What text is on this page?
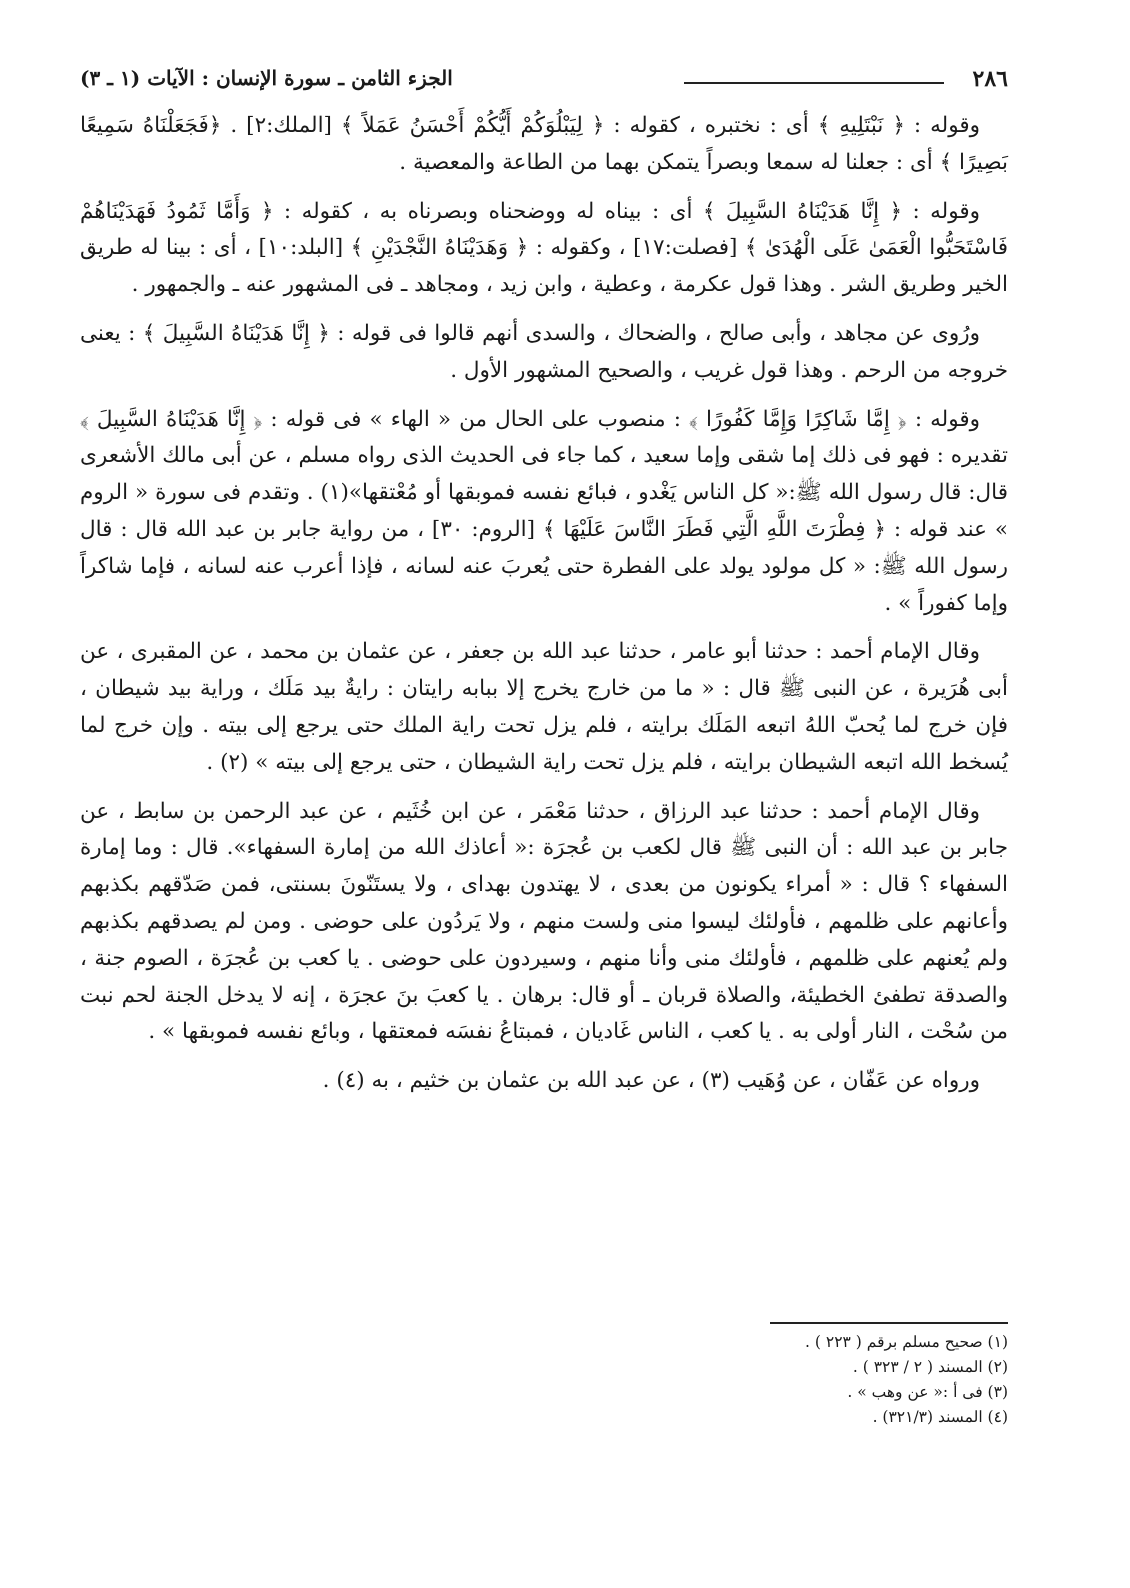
٢٨٦
الجزء الثامن ـ سورة الإنسان : الآيات (١ ـ ٣)

وقوله : ﴿ نَبْتَلِيهِ ﴾ أى : نختبره ، كقوله : ﴿ لِيَبْلُوَكُمْ أَيُّكُمْ أَحْسَنُ عَمَلاً ﴾ [الملك:٢] . ﴿فَجَعَلْنَاهُ سَمِيعًا بَصِيرًا ﴾ أى : جعلنا له سمعا وبصراً يتمكن بهما من الطاعة والمعصية .

وقوله : ﴿ إِنَّا هَدَيْنَاهُ السَّبِيلَ ﴾ أى : بيناه له ووضحناه وبصرناه به ، كقوله : ﴿ وَأَمَّا ثَمُودُ فَهَدَيْنَاهُمْ فَاسْتَحَبُّوا الْعَمَىٰ عَلَى الْهُدَىٰ ﴾ [فصلت:١٧] ، وكقوله : ﴿ وَهَدَيْنَاهُ النَّجْدَيْنِ ﴾ [البلد:١٠] ، أى : بينا له طريق الخير وطريق الشر . وهذا قول عكرمة ، وعطية ، وابن زيد ، ومجاهد ـ فى المشهور عنه ـ والجمهور .

ورُوى عن مجاهد ، وأبى صالح ، والضحاك ، والسدى أنهم قالوا فى قوله : ﴿ إِنَّا هَدَيْنَاهُ السَّبِيلَ ﴾ : يعنى خروجه من الرحم . وهذا قول غريب ، والصحيح المشهور الأول .

وقوله : ﴿ إِمَّا شَاكِرًا وَإِمَّا كَفُورًا ﴾ : منصوب على الحال من « الهاء » فى قوله : ﴿ إِنَّا هَدَيْنَاهُ السَّبِيلَ ﴾ تقديره : فهو فى ذلك إما شقى وإما سعيد ، كما جاء فى الحديث الذى رواه مسلم ، عن أبى مالك الأشعرى قال: قال رسول الله ﷺ:« كل الناس يَغْدو ، فبائع نفسه فموبقها أو مُعْتقها»(١) . وتقدم فى سورة « الروم » عند قوله : ﴿ فِطْرَتَ اللَّهِ الَّتِي فَطَرَ النَّاسَ عَلَيْهَا ﴾ [الروم: ٣٠] ، من رواية جابر بن عبد الله قال : قال رسول الله ﷺ: « كل مولود يولد على الفطرة حتى يُعربَ عنه لسانه ، فإذا أعرب عنه لسانه ، فإما شاكراً وإما كفوراً » .

وقال الإمام أحمد : حدثنا أبو عامر ، حدثنا عبد الله بن جعفر ، عن عثمان بن محمد ، عن المقبرى ، عن أبى هُرَيرة ، عن النبى ﷺ قال : « ما من خارج يخرج إلا ببابه رايتان : رايةٌ بيد مَلَك ، وراية بيد شيطان ، فإن خرج لما يُحبّ اللهُ اتبعه المَلَك برايته ، فلم يزل تحت راية الملك حتى يرجع إلى بيته . وإن خرج لما يُسخط الله اتبعه الشيطان برايته ، فلم يزل تحت راية الشيطان ، حتى يرجع إلى بيته » (٢) .

وقال الإمام أحمد : حدثنا عبد الرزاق ، حدثنا مَعْمَر ، عن ابن خُثَيم ، عن عبد الرحمن بن سابط ، عن جابر بن عبد الله : أن النبى ﷺ قال لكعب بن عُجرَة :« أعاذك الله من إمارة السفهاء». قال : وما إمارة السفهاء ؟ قال : « أمراء يكونون من بعدى ، لا يهتدون بهداى ، ولا يستَنّونَ بسنتى، فمن صَدّقهم بكذبهم وأعانهم على ظلمهم ، فأولئك ليسوا منى ولست منهم ، ولا يَردُون على حوضى . ومن لم يصدقهم بكذبهم ولم يُعنهم على ظلمهم ، فأولئك منى وأنا منهم ، وسيردون على حوضى . يا كعب بن عُجرَة ، الصوم جنة ، والصدقة تطفئ الخطيئة، والصلاة قربان ـ أو قال: برهان . يا كعبَ بنَ عجرَة ، إنه لا يدخل الجنة لحم نبت من سُحْت ، النار أولى به . يا كعب ، الناس غَاديان ، فمبتاعُ نفسَه فمعتقها ، وبائع نفسه فموبقها » .

ورواه عن عَفّان ، عن وُهَيب (٣) ، عن عبد الله بن عثمان بن خثيم ، به (٤) .

(١) صحيح مسلم برقم ( ٢٢٣ ) .
(٢) المسند ( ٢ / ٣٢٣ ) .
(٣) فى أ :« عن وهب » .
(٤) المسند (٣٢١/٣) .
